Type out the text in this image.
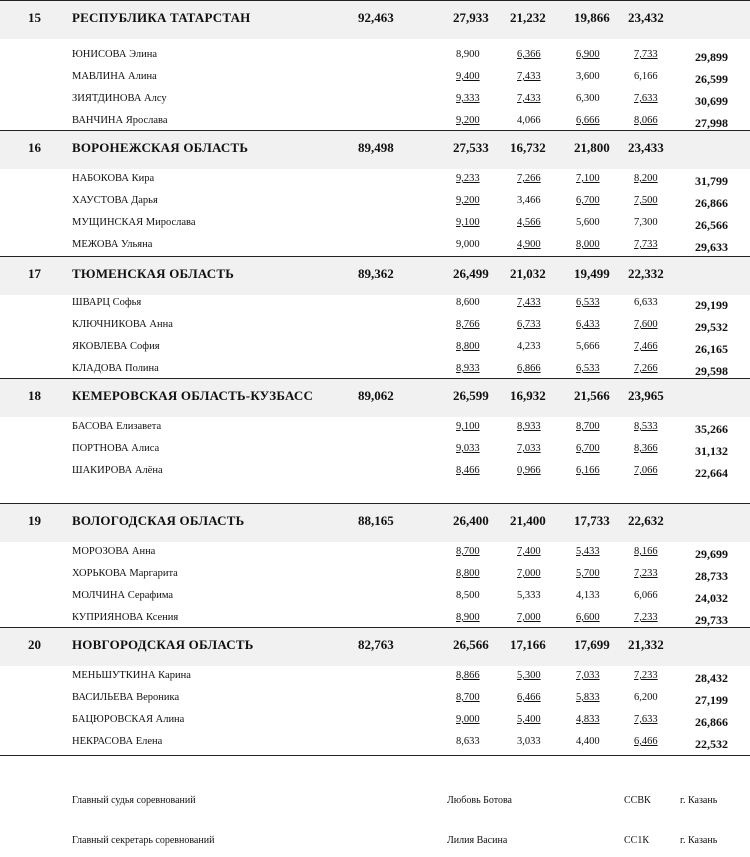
15 РЕСПУБЛИКА ТАТАРСТАН	92,463	27,933 21,232 19,866 23,432
ЮНИСОВА Элина	8,900	6,366	6,900	7,733	29,899
МАВЛИНА Алина	9,400	7,433	3,600	6,166	26,599
ЗИЯТДИНОВА Алсу	9,333	7,433	6,300	7,633	30,699
ВАНЧИНА Ярослава	9,200	4,066	6,666	8,066	27,998
16 ВОРОНЕЖСКАЯ ОБЛАСТЬ	89,498	27,533 16,732 21,800 23,433
НАБОКОВА Кира	9,233	7,266	7,100	8,200	31,799
ХАУСТОВА Дарья	9,200	3,466	6,700	7,500	26,866
МУЩИНСКАЯ Мирослава	9,100	4,566	5,600	7,300	26,566
МЕЖОВА Ульяна	9,000	4,900	8,000	7,733	29,633
17 ТЮМЕНСКАЯ ОБЛАСТЬ	89,362	26,499 21,032 19,499 22,332
ШВАРЦ Софья	8,600	7,433	6,533	6,633	29,199
КЛЮЧНИКОВА Анна	8,766	6,733	6,433	7,600	29,532
ЯКОВЛЕВА София	8,800	4,233	5,666	7,466	26,165
КЛАДОВА Полина	8,933	6,866	6,533	7,266	29,598
18 КЕМЕРОВСКАЯ ОБЛАСТЬ-КУЗБАСС	89,062	26,599 16,932 21,566 23,965
БАСОВА Елизавета	9,100	8,933	8,700	8,533	35,266
ПОРТНОВА Алиса	9,033	7,033	6,700	8,366	31,132
ШАКИРОВА Алёна	8,466	0,966	6,166	7,066	22,664
19 ВОЛОГОДСКАЯ ОБЛАСТЬ	88,165	26,400 21,400 17,733 22,632
МОРОЗОВА Анна	8,700	7,400	5,433	8,166	29,699
ХОРЬКОВА Маргарита	8,800	7,000	5,700	7,233	28,733
МОЛЧИНА Серафима	8,500	5,333	4,133	6,066	24,032
КУПРИЯНОВА Ксения	8,900	7,000	6,600	7,233	29,733
20 НОВГОРОДСКАЯ ОБЛАСТЬ	82,763	26,566 17,166 17,699 21,332
МЕНЬШУТКИНА Карина	8,866	5,300	7,033	7,233	28,432
ВАСИЛЬЕВА Вероника	8,700	6,466	5,833	6,200	27,199
БАЦЮРОВСКАЯ Алина	9,000	5,400	4,833	7,633	26,866
НЕКРАСОВА Елена	8,633	3,033	4,400	6,466	22,532
Главный судья соревнований	Любовь Ботова	ССВК	г. Казань
Главный секретарь соревнований	Лилия Васина	СС1К	г. Казань
